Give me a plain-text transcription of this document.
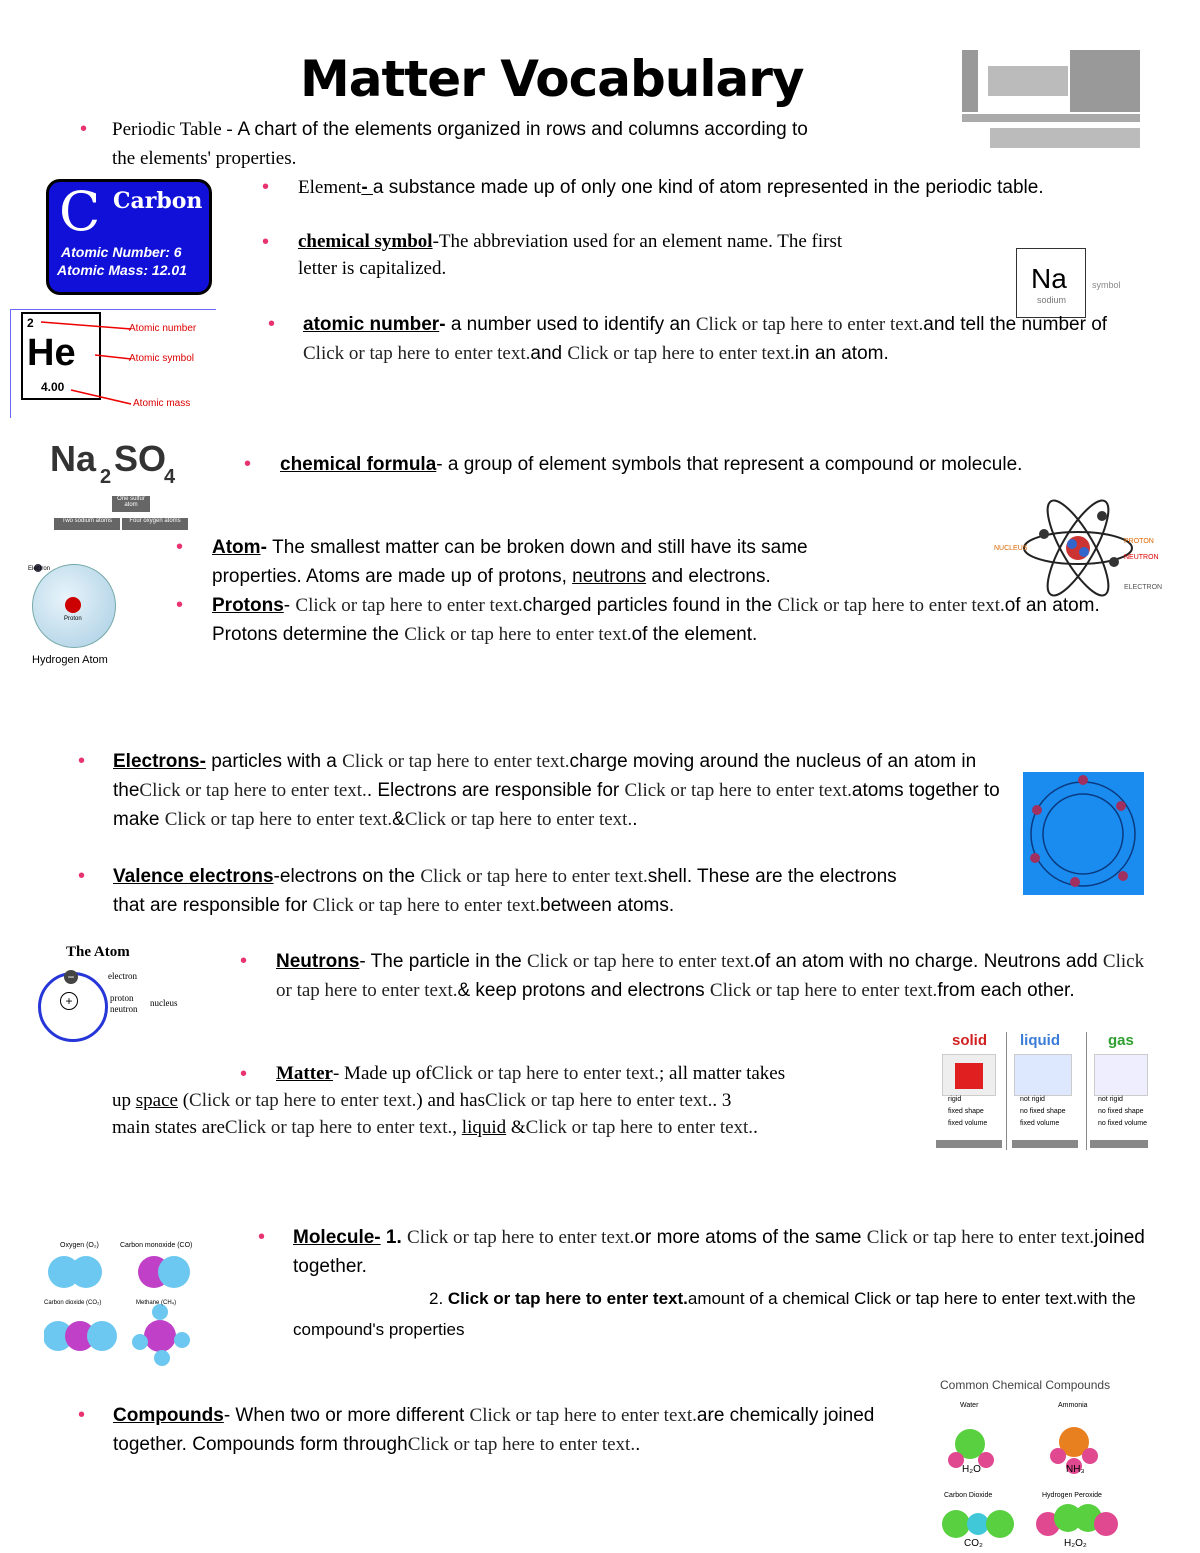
Matter Vocabulary
• Periodic Table - A chart of the elements organized in rows and columns according to
the elements' properties.
C Carbon
Atomic Number: 6
Atomic Mass: 12.01
• Element- a substance made up of only one kind of atom represented in the periodic table.
• chemical symbol-The abbreviation used for an element name. The first
letter is capitalized.	Na
sodium
symbol
2
He
4.00
Atomic number
Atomic symbol
Atomic mass
• atomic number- a number used to identify an Click or tap here to enter text.and tell the number of Click or tap here to enter text.and Click or tap here to enter text.in an atom.
Na 2 SO
4
One sulfur atom
Two sodium atoms	Four oxygen atoms
• chemical formula- a group of element symbols that represent a compound or molecule.
NUCLEUS
PROTON
NEUTRON
ELECTRON
Electron
Proton
Hydrogen Atom
• Atom- The smallest matter can be broken down and still have its same
properties. Atoms are made up of protons, neutrons and electrons.
• Protons- Click or tap here to enter text.charged particles found in the Click or tap here to enter text.of an atom. Protons determine the Click or tap here to enter text.of the element.
• Electrons- particles with a Click or tap here to enter text.charge moving around the nucleus of an atom in theClick or tap here to enter text.. Electrons are responsible for Click or tap here to enter text.atoms together to make Click or tap here to enter text.&Click or tap here to enter text..
• Valence electrons-electrons on the Click or tap here to enter text.shell. These are the electrons that are responsible for Click or tap here to enter text.between atoms.
The Atom
+
−	electron
proton
neutron
nucleus
• Neutrons- The particle in the Click or tap here to enter text.of an atom with no charge. Neutrons add Click or tap here to enter text.& keep protons and electrons Click or tap here to enter text.from each other.
solid liquid	gas
rigid
fixed shape
fixed volume
not rigid
no fixed shape
fixed volume
not rigid
no fixed shape
no fixed volume
•	Matter- Made up ofClick or tap here to enter text.; all matter takes
up space (Click or tap here to enter text.) and hasClick or tap here to enter text.. 3
main states areClick or tap here to enter text., liquid &Click or tap here to enter text..
Oxygen (O₂)	Carbon monoxide (CO)
Carbon dioxide (CO₂)	Methane (CH₄)
• Molecule- 1. Click or tap here to enter text.or more atoms of the same Click or tap here to enter text.joined together.
2. Click or tap here to enter text.amount of a chemical Click or tap here to enter text.with the compound's properties
Common Chemical Compounds
Water	Ammonia
H₂O	NH₃
Carbon Dioxide	Hydrogen Peroxide
CO₂	H₂O₂
• Compounds- When two or more different Click or tap here to enter text.are chemically joined together. Compounds form throughClick or tap here to enter text..
